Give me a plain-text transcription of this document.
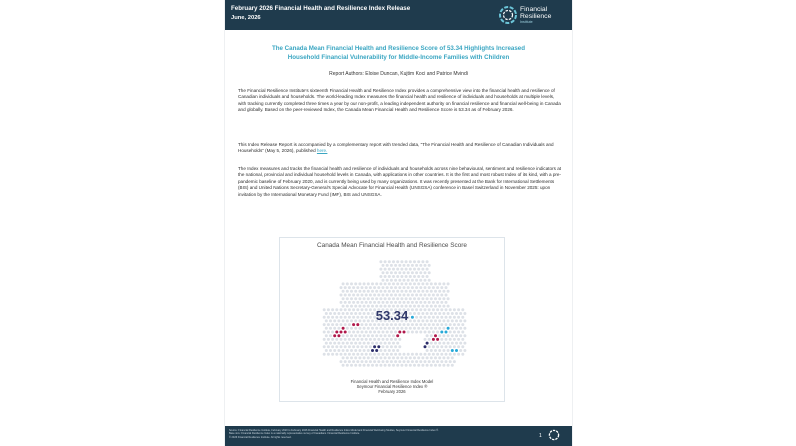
February 2026 Financial Health and Resilience Index Release
June, 2026
Financial
Resilience
Institute
The Canada Mean Financial Health and Resilience Score of 53.34 Highlights Increased
Household Financial Vulnerability for Middle-Income Families with Children
Report Authors: Eloise Duncan, Kujtim Koci and Patrice Mvindi
The Financial Resilience Institute’s sixteenth Financial Health and Resilience Index provides a comprehensive view into the financial health and resilience of Canadian individuals and households. The world-leading Index measures the financial health and resilience of individuals and households at multiple levels, with tracking currently completed three times a year by our non-profit, a leading independent authority on financial resilience and financial well-being in Canada and globally. Based on the peer-reviewed Index, the Canada Mean Financial Health and Resilience Score is 53.34 as of February 2026.
This Index Release Report is accompanied by a complementary report with trended data, “The Financial Health and Resilience of Canadian Individuals and Households” (May 5, 2026), published here.
The Index measures and tracks the financial health and resilience of individuals and households across nine behavioural, sentiment and resilience indicators at the national, provincial and individual household levels in Canada, with applications in other countries. It is the first and most robust Index of its kind, with a pre-pandemic baseline of February 2020, and is currently being used by many organizations. It was recently presented at the Bank for International Settlements (BIS) and United Nations Secretary-General’s Special Advocate for Financial Health (UNSGSA) conference in Basel Switzerland in November 2025: upon invitation by the International Monetary Fund (IMF), BIS and UNSGSA.
Canada Mean Financial Health and Resilience Score
53.34
Financial Health and Resilience Index Model
Seymour Financial Resilience Index ®
February 2026
Source: Financial Resilience Institute, February 2020 to February 2026 Financial Health and Resilience Index Model and Financial Well-being Studies, Seymour Financial Resilience Index ®.
Base size: Financial Resilience Index is a nationally representative survey of Canadians. Financial Resilience Institute.
© 2026 Financial Resilience Institute. All rights reserved.	1
